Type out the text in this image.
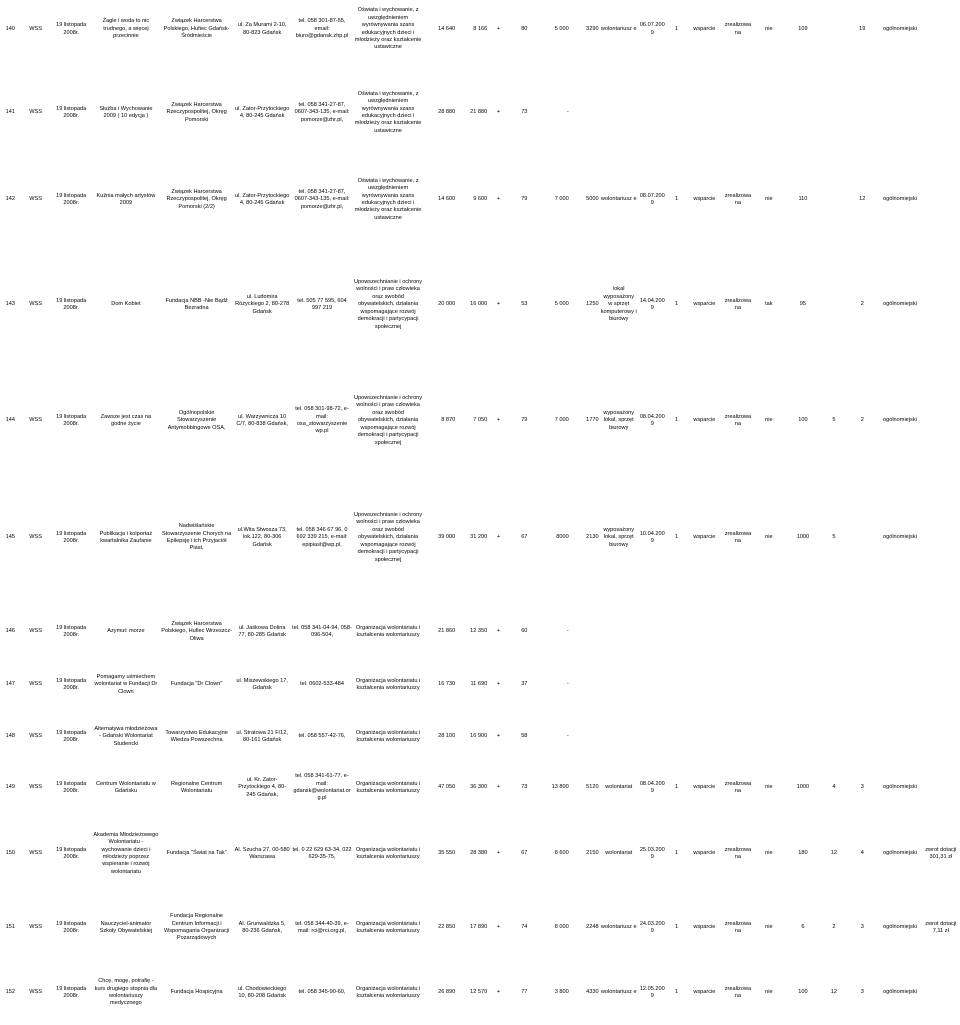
140	WSS	19 listopada 2008r.	Żagle i woda to nic trudnego, a więcej przecinnie	Związek Harcerstwa Polskiego, Hufiec Gdańsk-Śródmieście	ul. Za Murami 2-10, 80-823 Gdańsk	tel. 058 301-87-55, email: biuro@gdansk.zhp.pl	Oświata i wychowanie, z uwzględnieniem wyrównywania szans edukacyjnych dzieci i młodzieży oraz kształcenie ustawiczne	14 640	8 166	+	80	5 000	3290	wolontariusz e	06.07.2009	1	wsparcie	zrealizowana	nie	109		19	ogólnomiejski	

141	WSS	19 listopada 2008r.	Służba i Wychowanie 2009 ( 10 edycja )	Związek Harcerstwa Rzeczypospolitej, Okręg Pomorski	ul. Zator-Przytockiego 4, 80-245 Gdańsk	tel. 058 341-27-87, 0607-343-135, e-mail: pomorze@zhr.pl,	Oświata i wychowanie, z uwzględnieniem wyrównywania szans edukacyjnych dzieci i młodzieży oraz kształcenie ustawiczne	28 880	21 880	+	73	-												

142	WSS	19 listopada 2008r.	Kuźnia małych artystów 2009	Związek Harcerstwa Rzeczypospolitej, Okręg Pomorski (2/2)	ul. Zator-Przytockiego 4, 80-245 Gdańsk	tel. 058 341-27-87, 0607-343-135, e-mail: pomorze@zhr.pl,	Oświata i wychowanie, z uwzględnieniem wyrównywania szans edukacyjnych dzieci i młodzieży oraz kształcenie ustawiczne	14 600	9 600	+	79	7 000	5000	wolontariusz e	08.07.2009	1	wsparcie	zrealizowana	nie	110		12	ogólnomiejski	

143	WSS	19 listopada 2008r.	Dom Kobiet	Fundacja NBB -Nie Bądź Bezradna	ul. Ludomira Różyckiego 2, 80-278 Gdańsk	tel. 505 77 595, 604 997 219	Upowszechnianie i ochrony wolności i praw człowieka oraz swobód obywatelskich, działania wspomagające rozwój demokracji i partycypacji społecznej	20 000	16 000	+	53	5 000	1250	lokal wyposażony w sprzęt komputerowy i biurowy	14.04.2009	1	wsparcie	zrealizowana	tak	95		2	ogólnomiejski	

144	WSS	19 listopada 2008r.	Zawsze jest czas na godne życie	Ogólnopolskie Stowarzyszenie Antymobbingowe OSA,	ul. Warzywnicza 10 C/7, 80-838 Gdańsk,	tel. 058 301-98-72, e-mail: osa_stowarzyszenie wp.pl	Upowszechnianie i ochrony wolności i praw człowieka oraz swobód obywatelskich, działania wspomagające rozwój demokracji i partycypacji społecznej	8 870	7 050	+	79	7 000	1770	wyposażony lokal, sprzęt biurowy	08.04.2009	1	wsparcie	zrealizowana	nie	100	5	2	ogólnomiejski	

145	WSS	19 listopada 2008r.	Publikacja i kolportaż kwartalnika Zaufanie	Nadwiślańskie Stowarzyszenie Chorych na Epilepsję i ich Przyjaciół Piast,	ul.Wita Stwosza 73, lok.122, 80-306 Gdańsk	tel. 058 346 67 96, 0 692 339 215, e-mail: epipiast@wp.pl,	Upowszechnianie i ochrony wolności i praw człowieka oraz swobód obywatelskich, działania wspomagające rozwój demokracji i partycypacji społecznej	39 000	31 200	+	67	8000	2130	wyposażony lokal, sprzęt biurowy	10.04.2009	1	wsparcie	zrealizowana	nie	1000	5		ogólnomiejski	

146	WSS	19 listopada 2008r.	Azymut: morze	Związek Harcerstwa Polskiego, Hufiec Wrzeszcz-Oliwa	ul. Jaśkowa Dolina 77, 80-285 Gdańsk	tel. 058 341-04-94, 058-096-504,	Organizacja wolontariatu i kształcenia wolontariuszy	21 860	12 350	+	60	-												

147	WSS	19 listopada 2008r.	Pomagamy uśmiechem wolontariat w Fundacji Dr Clown	Fundacja "Dr Clown"	ul. Miszewskiego 17, Gdańsk	tel. 0602-533-484	Organizacja wolontariatu i kształcenia wolontariuszy	16 730	11 690	+	37	-												

148	WSS	19 listopada 2008r.	Alternatywa młodzieżowa - Gdański Wolontariat Studencki	Towarzystwo Edukacyjne Wiedza Powszechna	ul. Stratowa 21 F/12, 80-161 Gdańsk	tel. 058 557-42-76,	Organizacja wolontariatu i kształcenia wolontariuszy	28 100	16 900	+	58	-												

149	WSS	19 listopada 2008r.	Centrum Wolontariatu w Gdańsku	Regionalne Centrum Wolontariatu	ul. Kr. Zator-Przytockiego 4, 80-245 Gdańsk,	tel. 058 341-61-77, e-mail: gdansk@wolontariat.org.pl	Organizacja wolontariatu i kształcenia wolontariuszy	47 050	36 300	+	73	13 800	5120	wolontariat	08.04.2009	1	wsparcie	zrealizowana	nie	1000	4	3	ogólnomiejski	

150	WSS	19 listopada 2008r.	Akademia Młodzieżowego Wolontariatu - wychowanie dzieci i młodzieży poprzez wspieranie i rozwój wolontariatu	Fundacja "Świat na Tak"	Al. Szucha 27, 00-580 Warszawa	tel. 0 22 629 63-34, 022 629-35-75,	Organizacja wolontariatu i kształcenia wolontariuszy	35 550	28 380	+	67	8 600	2150	wolontariat	25.03.2009	1	wsparcie	zrealizowana	nie	180	12	4	ogólnomiejski	zwrot dotacji 301,31 zł

151	WSS	19 listopada 2008r.	Nauczyciel-animator Szkoły Obywatelskiej	Fundacja Regionalne Centrum Informacji i Wspomagania Organizacji Pozarządowych	Al. Grunwaldzka 5, 80-236 Gdańsk,	tel. 058 344-40-39, e-mail: rci@rci.org.pl,	Organizacja wolontariatu i kształcenia wolontariuszy	22 850	17 890	+	74	8 000	2248	wolontariusz e	24.03.2009	1	wsparcie	zrealizowana	nie	6	2	3	ogólnomiejski	zwrot dotacji 7,11 zł

152	WSS	19 listopada 2008r.	Chcę, mogę, potrafię - kurs drugiego stopnia dla wolontariuszy medycznego	Fundacja Hospicyjna	ul. Chodowieckiego 10, 80-208 Gdańsk	tel. 058 345-90-60,	Organizacja wolontariatu i kształcenia wolontariuszy	26 890	12 570	+	77	3 800	4330	wolontariusz e	12.05.2009	1	wsparcie	zrealizowana	nie	100	12	3	ogólnomiejski	
